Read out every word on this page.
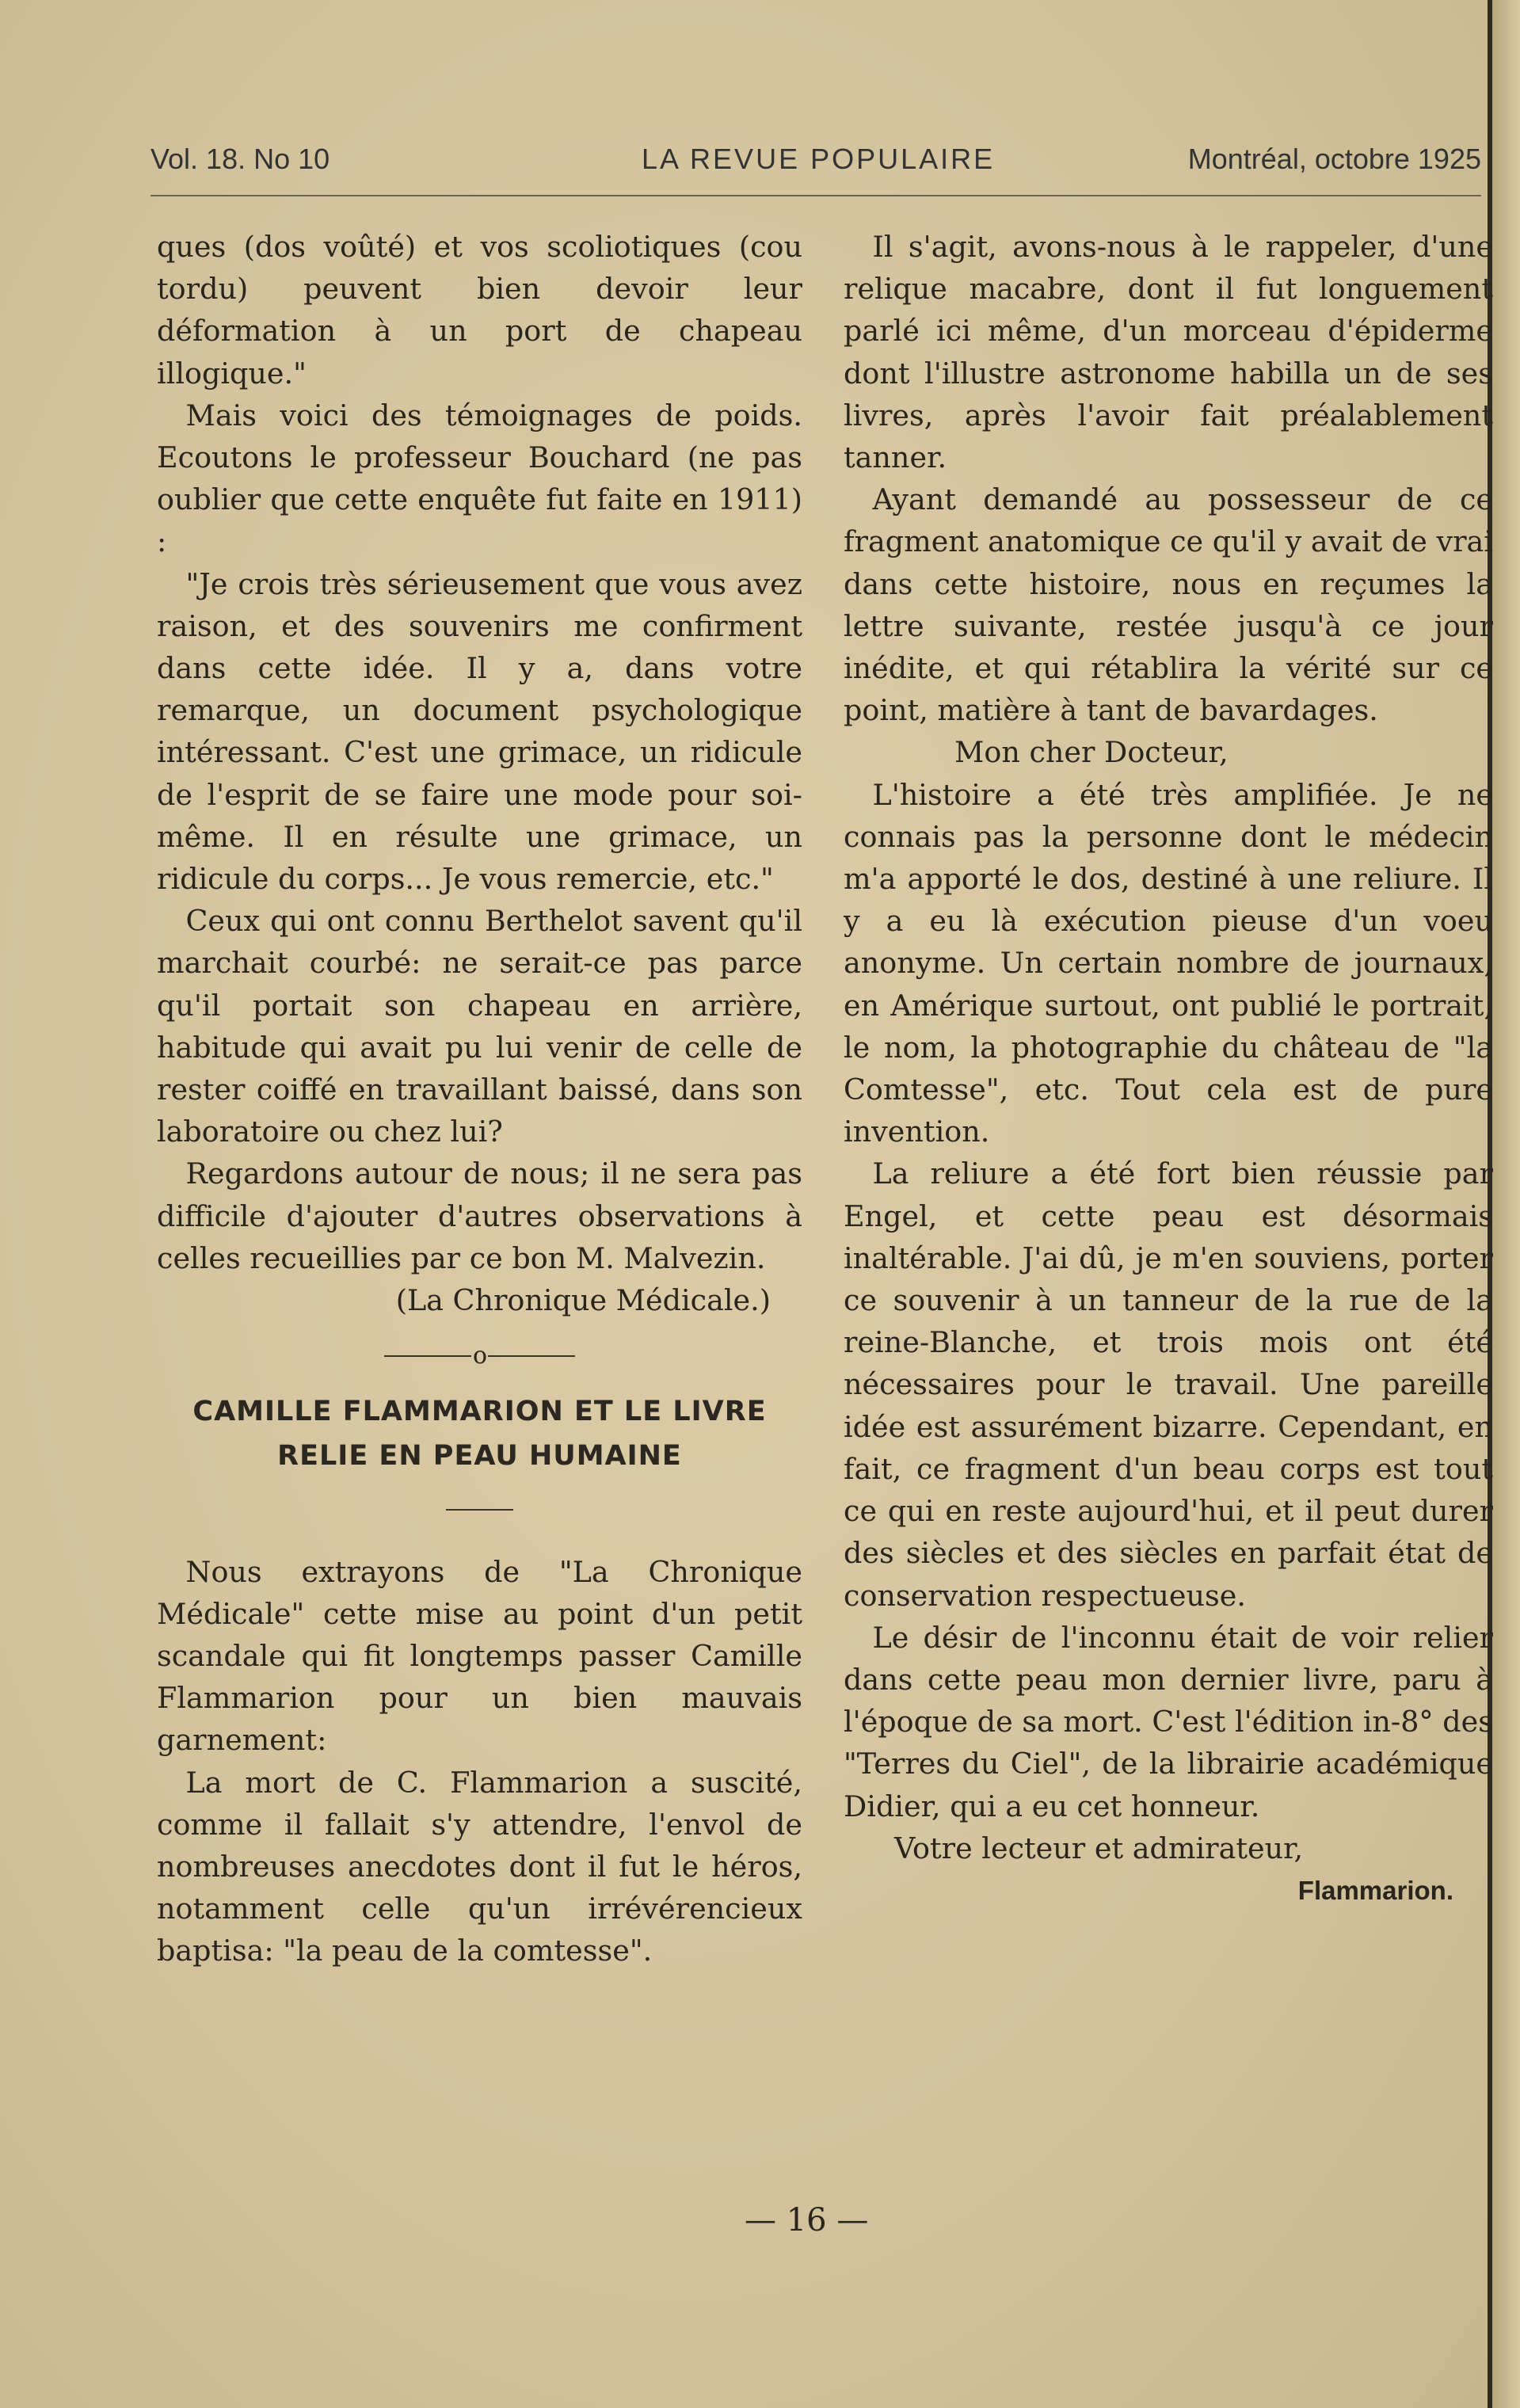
Vol. 18. No 10	LA REVUE POPULAIRE	Montréal, octobre 1925

ques (dos voûté) et vos scoliotiques (cou tordu) peuvent bien devoir leur déformation à un port de chapeau illogique."

Mais voici des témoignages de poids. Ecoutons le professeur Bouchard (ne pas oublier que cette enquête fut faite en 1911) :

"Je crois très sérieusement que vous avez raison, et des souvenirs me confirment dans cette idée. Il y a, dans votre remarque, un document psychologique intéressant. C'est une grimace, un ridicule de l'esprit de se faire une mode pour soi-même. Il en résulte une grimace, un ridicule du corps... Je vous remercie, etc."

Ceux qui ont connu Berthelot savent qu'il marchait courbé: ne serait-ce pas parce qu'il portait son chapeau en arrière, habitude qui avait pu lui venir de celle de rester coiffé en travaillant baissé, dans son laboratoire ou chez lui?

Regardons autour de nous; il ne sera pas difficile d'ajouter d'autres observations à celles recueillies par ce bon M. Malvezin.

(La Chronique Médicale.)

o
CAMILLE FLAMMARION ET LE LIVRE RELIE EN PEAU HUMAINE

Nous extrayons de "La Chronique Médicale" cette mise au point d'un petit scandale qui fit longtemps passer Camille Flammarion pour un bien mauvais garnement:

La mort de C. Flammarion a suscité, comme il fallait s'y attendre, l'envol de nombreuses anecdotes dont il fut le héros, notamment celle qu'un irrévérencieux baptisa: "la peau de la comtesse".

Il s'agit, avons-nous à le rappeler, d'une relique macabre, dont il fut longuement parlé ici même, d'un morceau d'épiderme dont l'illustre astronome habilla un de ses livres, après l'avoir fait préalablement tanner.

Ayant demandé au possesseur de ce fragment anatomique ce qu'il y avait de vrai dans cette histoire, nous en reçumes la lettre suivante, restée jusqu'à ce jour inédite, et qui rétablira la vérité sur ce point, matière à tant de bavardages.

Mon cher Docteur,

L'histoire a été très amplifiée. Je ne connais pas la personne dont le médecin m'a apporté le dos, destiné à une reliure. Il y a eu là exécution pieuse d'un voeu anonyme. Un certain nombre de journaux, en Amérique surtout, ont publié le portrait, le nom, la photographie du château de "la Comtesse", etc. Tout cela est de pure invention.

La reliure a été fort bien réussie par Engel, et cette peau est désormais inaltérable. J'ai dû, je m'en souviens, porter ce souvenir à un tanneur de la rue de la reine-Blanche, et trois mois ont été nécessaires pour le travail. Une pareille idée est assurément bizarre. Cependant, en fait, ce fragment d'un beau corps est tout ce qui en reste aujourd'hui, et il peut durer des siècles et des siècles en parfait état de conservation respectueuse.

Le désir de l'inconnu était de voir relier dans cette peau mon dernier livre, paru à l'époque de sa mort. C'est l'édition in-8° des "Terres du Ciel", de la librairie académique Didier, qui a eu cet honneur.

Votre lecteur et admirateur,

Flammarion.

— 16 —
